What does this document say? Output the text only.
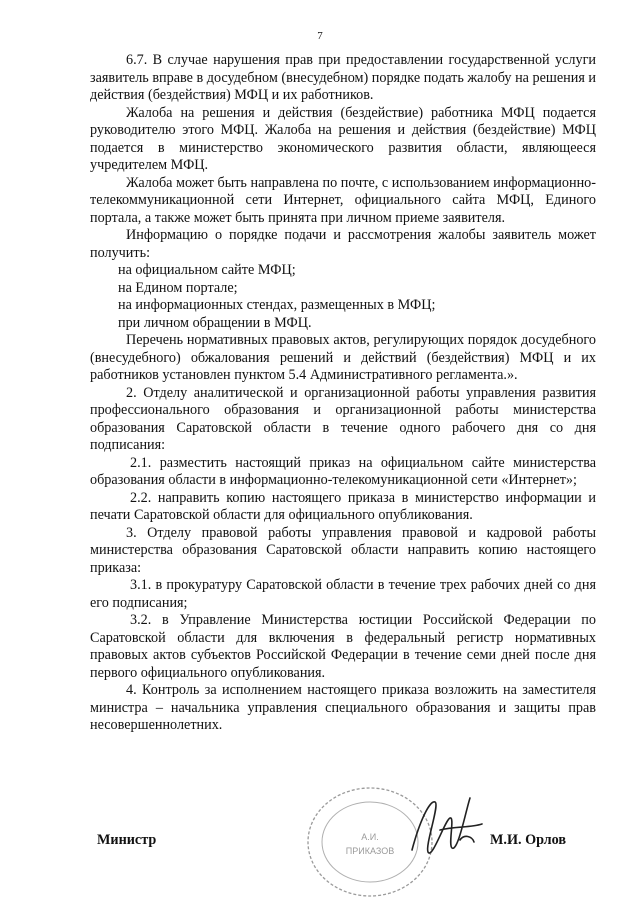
7

6.7. В случае нарушения прав при предоставлении государственной услуги заявитель вправе в досудебном (внесудебном) порядке подать жалобу на решения и действия (бездействия) МФЦ и их работников.

Жалоба на решения и действия (бездействие) работника МФЦ подается руководителю этого МФЦ. Жалоба на решения и действия (бездействие) МФЦ подается в министерство экономического развития области, являющееся учредителем МФЦ.

Жалоба может быть направлена по почте, с использованием информационно-телекоммуникационной сети Интернет, официального сайта МФЦ, Единого портала, а также может быть принята при личном приеме заявителя.

Информацию о порядке подачи и рассмотрения жалобы заявитель может получить:

на официальном сайте МФЦ;

на Едином портале;

на информационных стендах, размещенных в МФЦ;

при личном обращении в МФЦ.

Перечень нормативных правовых актов, регулирующих порядок досудебного (внесудебного) обжалования решений и действий (бездействия) МФЦ и их работников установлен пунктом 5.4 Административного регламента.».

2. Отделу аналитической и организационной работы управления развития профессионального образования и организационной работы министерства образования Саратовской области в течение одного рабочего дня со дня подписания:

2.1. разместить настоящий приказ на официальном сайте министерства образования области в информационно-телекомуникационной сети «Интернет»;

2.2. направить копию настоящего приказа в министерство информации и печати Саратовской области для официального опубликования.

3. Отделу правовой работы управления правовой и кадровой работы министерства образования Саратовской области направить копию настоящего приказа:

3.1. в прокуратуру Саратовской области в течение трех рабочих дней со дня его подписания;

3.2. в Управление Министерства юстиции Российской Федерации по Саратовской области для включения в федеральный регистр нормативных правовых актов субъектов Российской Федерации в течение семи дней после дня первого официального опубликования.

4. Контроль за исполнением настоящего приказа возложить на заместителя министра – начальника управления специального образования и защиты прав несовершеннолетних.

Министр	А.И.
ПРИКАЗОВ
М.И. Орлов
